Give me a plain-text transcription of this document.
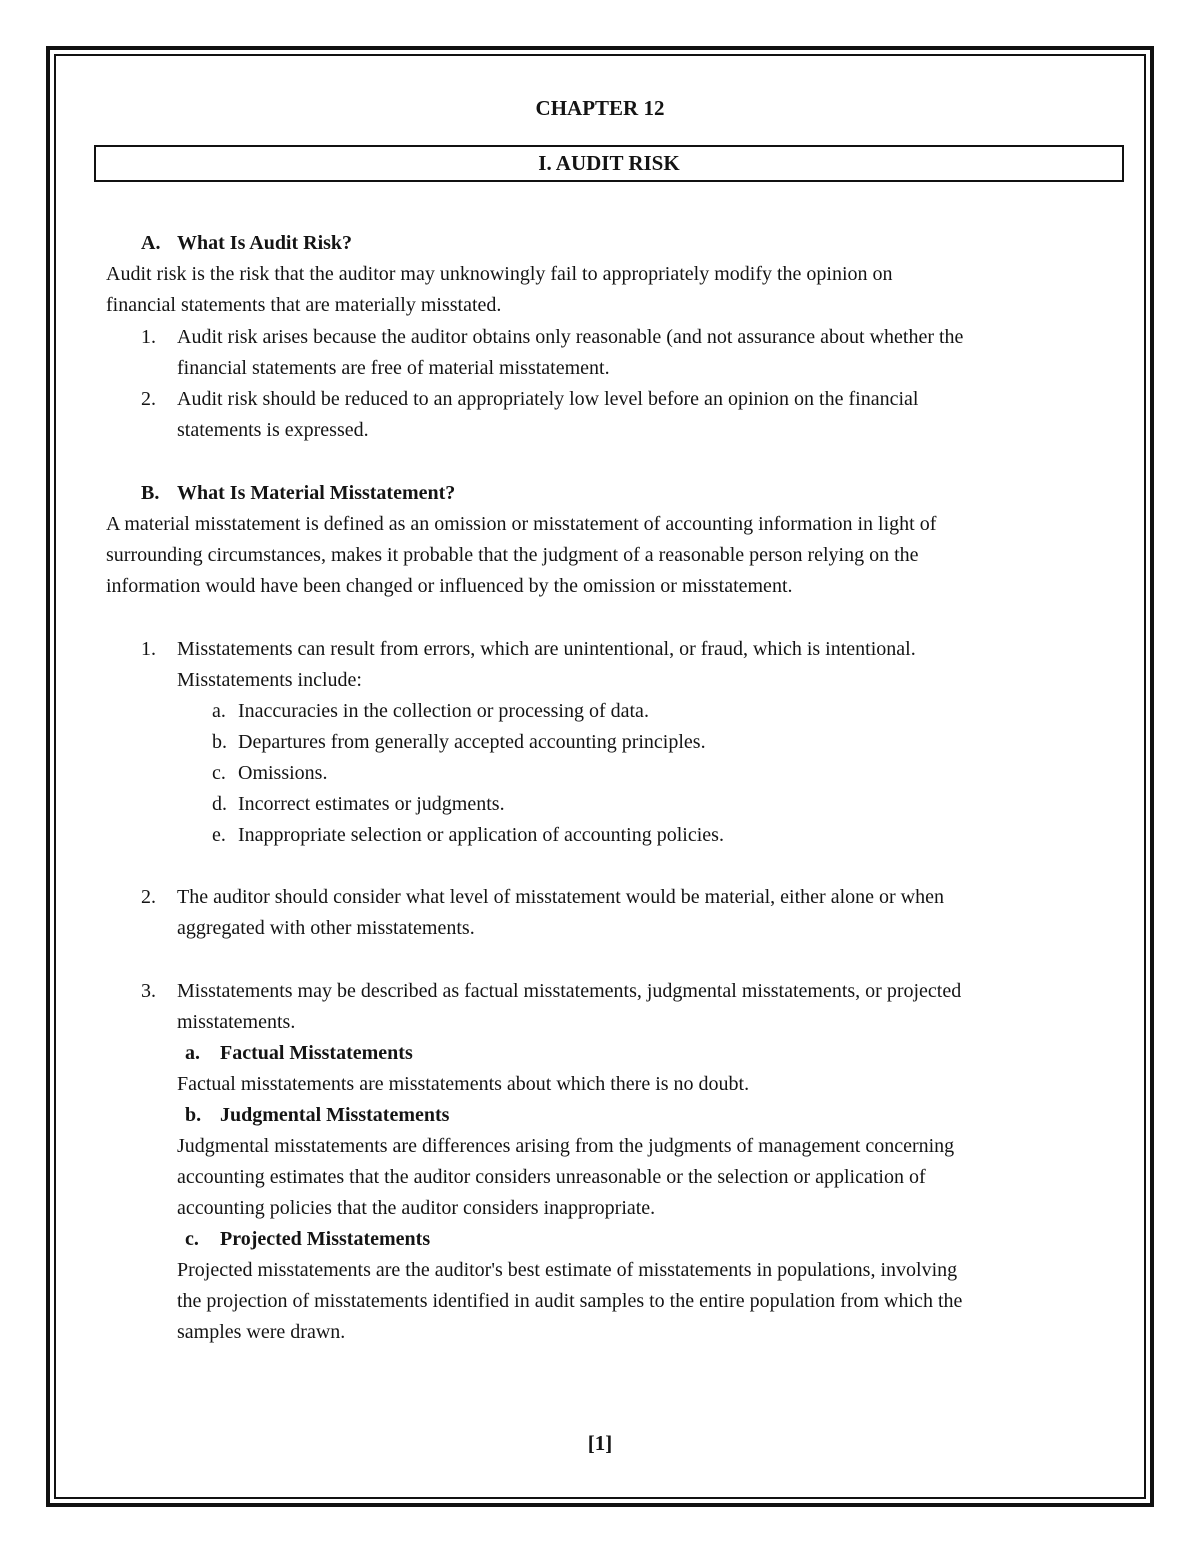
CHAPTER 12
I. AUDIT RISK
A. What Is Audit Risk?
Audit risk is the risk that the auditor may unknowingly fail to appropriately modify the opinion on
financial statements that are materially misstated.
1. Audit risk arises because the auditor obtains only reasonable (and not assurance about whether the
financial statements are free of material misstatement.
2. Audit risk should be reduced to an appropriately low level before an opinion on the financial
statements is expressed.
B. What Is Material Misstatement?
A material misstatement is defined as an omission or misstatement of accounting information in light of
surrounding circumstances, makes it probable that the judgment of a reasonable person relying on the
information would have been changed or influenced by the omission or misstatement.
1. Misstatements can result from errors, which are unintentional, or fraud, which is intentional.
Misstatements include:
a. Inaccuracies in the collection or processing of data.
b. Departures from generally accepted accounting principles.
c. Omissions.
d. Incorrect estimates or judgments.
e. Inappropriate selection or application of accounting policies.
2. The auditor should consider what level of misstatement would be material, either alone or when
aggregated with other misstatements.
3. Misstatements may be described as factual misstatements, judgmental misstatements, or projected
misstatements.
a. Factual Misstatements
Factual misstatements are misstatements about which there is no doubt.
b. Judgmental Misstatements
Judgmental misstatements are differences arising from the judgments of management concerning
accounting estimates that the auditor considers unreasonable or the selection or application of
accounting policies that the auditor considers inappropriate.
c. Projected Misstatements
Projected misstatements are the auditor's best estimate of misstatements in populations, involving
the projection of misstatements identified in audit samples to the entire population from which the
samples were drawn.
[1]
